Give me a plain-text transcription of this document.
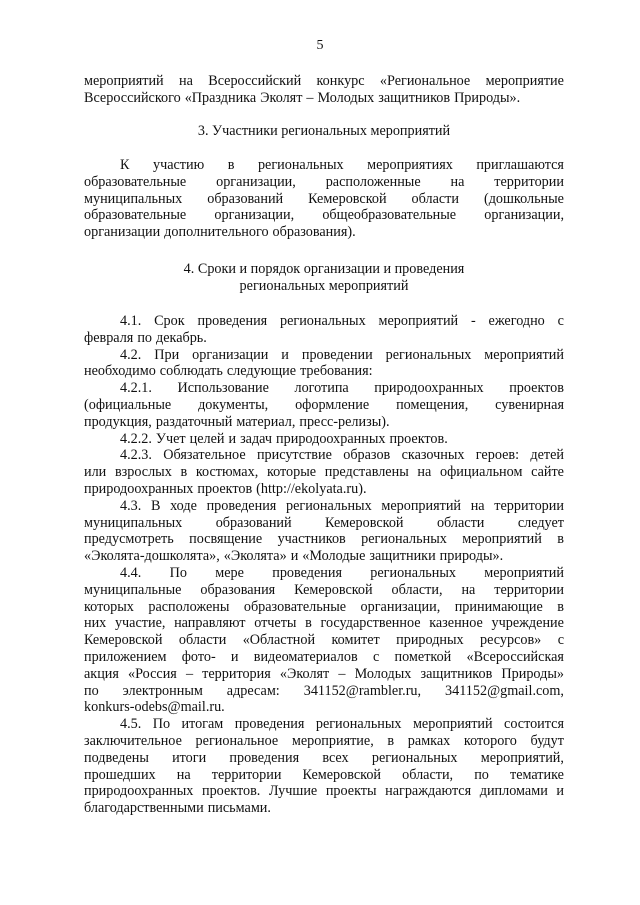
5
мероприятий на Всероссийский конкурс «Региональное мероприятие
Всероссийского «Праздника Эколят – Молодых защитников Природы».
3. Участники региональных мероприятий
К участию в региональных мероприятиях приглашаются
образовательные организации, расположенные на территории
муниципальных образований Кемеровской области (дошкольные
образовательные организации, общеобразовательные организации,
организации дополнительного образования).
4. Сроки и порядок организации и проведения
региональных мероприятий
4.1. Срок проведения региональных мероприятий - ежегодно с
февраля по декабрь.
4.2. При организации и проведении региональных мероприятий
необходимо соблюдать следующие требования:
4.2.1. Использование логотипа природоохранных проектов
(официальные документы, оформление помещения, сувенирная
продукция, раздаточный материал, пресс-релизы).
4.2.2. Учет целей и задач природоохранных проектов.
4.2.3. Обязательное присутствие образов сказочных героев: детей
или взрослых в костюмах, которые представлены на официальном сайте
природоохранных проектов (http://ekolyata.ru).
4.3. В ходе проведения региональных мероприятий на территории
муниципальных образований Кемеровской области следует
предусмотреть посвящение участников региональных мероприятий в
«Эколята-дошколята», «Эколята» и «Молодые защитники природы».
4.4. По мере проведения региональных мероприятий
муниципальные образования Кемеровской области, на территории
которых расположены образовательные организации, принимающие в
них участие, направляют отчеты в государственное казенное учреждение
Кемеровской области «Областной комитет природных ресурсов» с
приложением фото- и видеоматериалов с пометкой «Всероссийская
акция «Россия – территория «Эколят – Молодых защитников Природы»
по электронным адресам: 341152@rambler.ru, 341152@gmail.com,
konkurs-odebs@mail.ru.
4.5. По итогам проведения региональных мероприятий состоится
заключительное региональное мероприятие, в рамках которого будут
подведены итоги проведения всех региональных мероприятий,
прошедших на территории Кемеровской области, по тематике
природоохранных проектов. Лучшие проекты награждаются дипломами и
благодарственными письмами.
